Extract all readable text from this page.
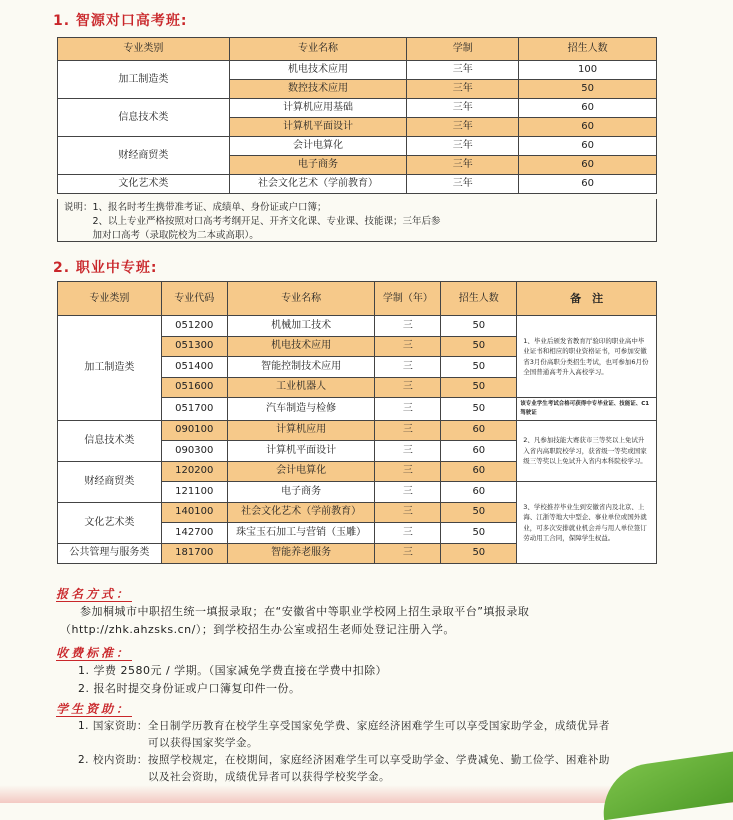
1. 智源对口高考班:
专业类别	专业名称	学制	招生人数
加工制造类	机电技术应用	三年	100
	数控技术应用	三年	50
信息技术类	计算机应用基础	三年	60
	计算机平面设计	三年	60
财经商贸类	会计电算化	三年	60
	电子商务	三年	60
文化艺术类	社会文化艺术（学前教育）	三年	60
说明：1、报名时考生携带准考证、成绩单、身份证或户口簿；
　　　2、以上专业严格按照对口高考考纲开足、开齐文化课、专业课、技能课；三年后参
　　　加对口高考（录取院校为二本或高职）。
2. 职业中专班:
专业类别	专业代码	专业名称	学制（年）	招生人数	备　注
加工制造类	051200	机械加工技术	三	50	1、毕业后颁发省教育厅验印的职业高中毕业证书和相应的职业资格证书，可参加安徽省3月份高职分类招生考试，也可参加6月份全国普通高考升入高校学习。
	051300	机电技术应用	三	50	
	051400	智能控制技术应用	三	50	
	051600	工业机器人	三	50	
	051700	汽车制造与检修	三	50	该专业学生考试合格可获得中专毕业证、技能证、C1驾驶证
信息技术类	090100	计算机应用	三	60	2、凡参加技能大赛获市三等奖以上免试升入省内高职院校学习，获省级一等奖或国家级三等奖以上免试升入省内本科院校学习。
	090300	计算机平面设计	三	60	
财经商贸类	120200	会计电算化	三	60	
	121100	电子商务	三	60	3、学校推荐毕业生到安徽省内及北京、上海、江浙等地大中型企、事业单位或国外就业，可多次安排就业机会并与用人单位签订劳动用工合同，保障学生权益。
文化艺术类	140100	社会文化艺术（学前教育）	三	50	
	142700	珠宝玉石加工与营销（玉雕）	三	50	
公共管理与服务类	181700	智能养老服务	三	50	
报名方式：
参加桐城市中职招生统一填报录取；在“安徽省中等职业学校网上招生录取平台”填报录取
（http://zhk.ahzsks.cn/）；到学校招生办公室或招生老师处登记注册入学。
收费标准：
1. 学费 2580元 / 学期。（国家减免学费直接在学费中扣除）
2. 报名时提交身份证或户口簿复印件一份。
学生资助：
1. 国家资助：全日制学历教育在校学生享受国家免学费、家庭经济困难学生可以享受国家助学金，成绩优异者
可以获得国家奖学金。
2. 校内资助：按照学校规定，在校期间，家庭经济困难学生可以享受助学金、学费减免、勤工俭学、困难补助
以及社会资助，成绩优异者可以获得学校奖学金。
